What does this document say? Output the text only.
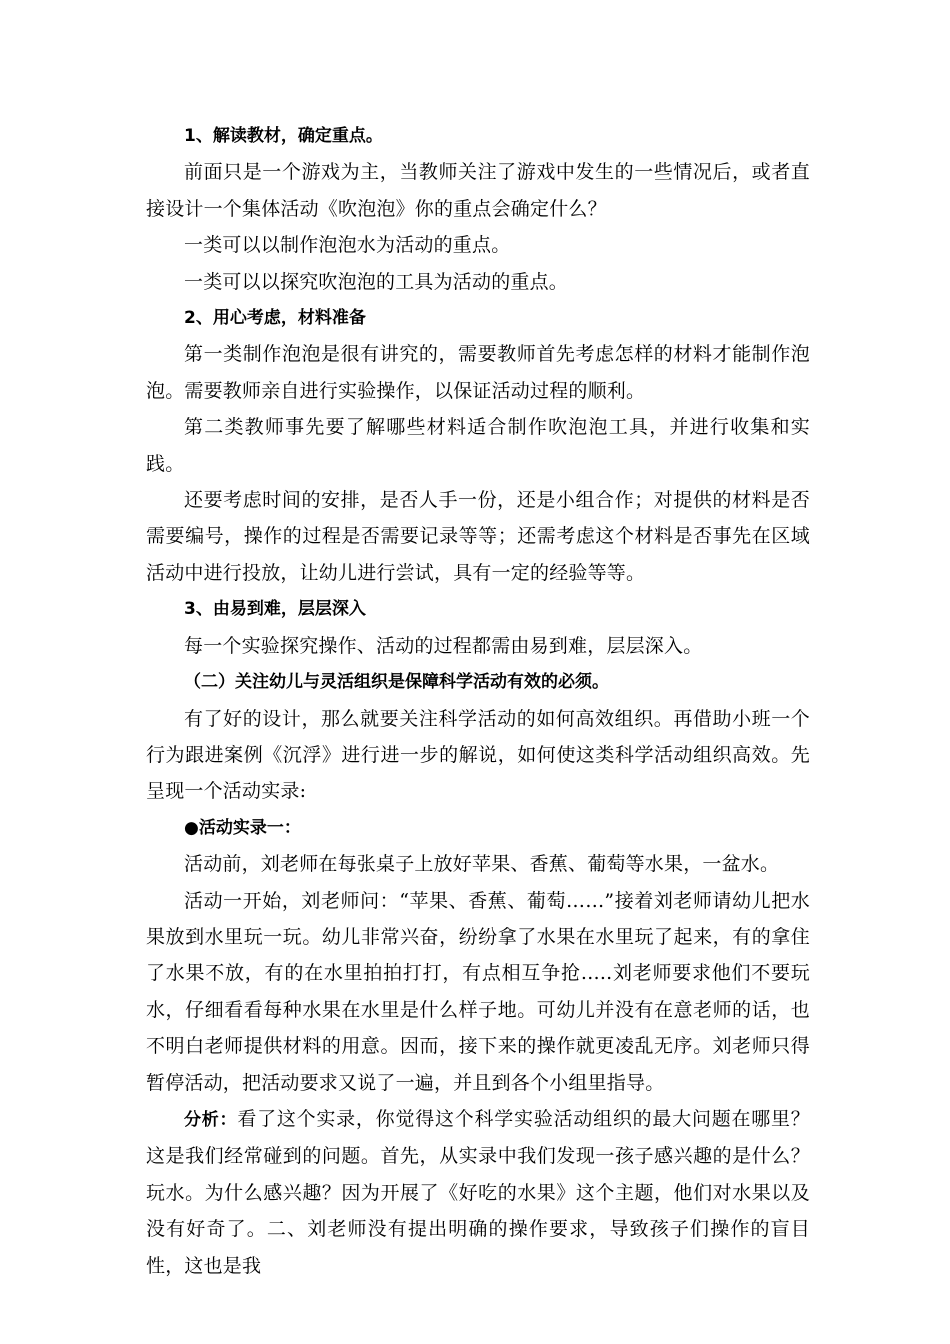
1、解读教材，确定重点。

前面只是一个游戏为主，当教师关注了游戏中发生的一些情况后，或者直接设计一个集体活动《吹泡泡》你的重点会确定什么？

一类可以以制作泡泡水为活动的重点。

一类可以以探究吹泡泡的工具为活动的重点。

2、用心考虑，材料准备

第一类制作泡泡是很有讲究的，需要教师首先考虑怎样的材料才能制作泡泡。需要教师亲自进行实验操作，以保证活动过程的顺利。

第二类教师事先要了解哪些材料适合制作吹泡泡工具，并进行收集和实践。

还要考虑时间的安排，是否人手一份，还是小组合作；对提供的材料是否需要编号，操作的过程是否需要记录等等；还需考虑这个材料是否事先在区域活动中进行投放，让幼儿进行尝试，具有一定的经验等等。

3、由易到难，层层深入

每一个实验探究操作、活动的过程都需由易到难，层层深入。

（二）关注幼儿与灵活组织是保障科学活动有效的必须。

有了好的设计，那么就要关注科学活动的如何高效组织。再借助小班一个行为跟进案例《沉浮》进行进一步的解说，如何使这类科学活动组织高效。先呈现一个活动实录:

●活动实录一：

活动前，刘老师在每张桌子上放好苹果、香蕉、葡萄等水果，一盆水。

活动一开始，刘老师问：“苹果、香蕉、葡萄……”接着刘老师请幼儿把水果放到水里玩一玩。幼儿非常兴奋，纷纷拿了水果在水里玩了起来，有的拿住了水果不放，有的在水里拍拍打打，有点相互争抢…..刘老师要求他们不要玩水，仔细看看每种水果在水里是什么样子地。可幼儿并没有在意老师的话，也不明白老师提供材料的用意。因而，接下来的操作就更凌乱无序。刘老师只得暂停活动，把活动要求又说了一遍，并且到各个小组里指导。

分析：看了这个实录，你觉得这个科学实验活动组织的最大问题在哪里？这是我们经常碰到的问题。首先，从实录中我们发现一孩子感兴趣的是什么？玩水。为什么感兴趣？因为开展了《好吃的水果》这个主题，他们对水果以及没有好奇了。二、刘老师没有提出明确的操作要求，导致孩子们操作的盲目性，这也是我
